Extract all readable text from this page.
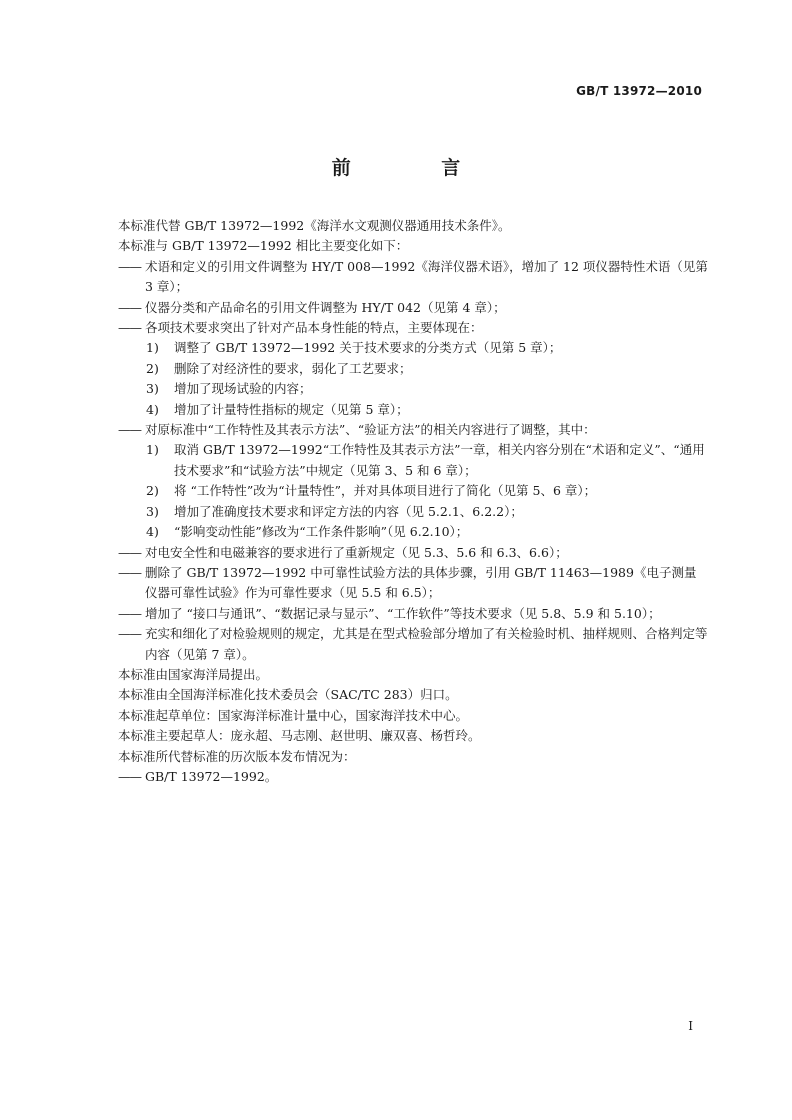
GB/T 13972—2010
前 言

本标准代替 GB/T 13972—1992《海洋水文观测仪器通用技术条件》。

本标准与 GB/T 13972—1992 相比主要变化如下：

—— 术语和定义的引用文件调整为 HY/T 008—1992《海洋仪器术语》，增加了 12 项仪器特性术语（见第 3 章）；

—— 仪器分类和产品命名的引用文件调整为 HY/T 042（见第 4 章）；

—— 各项技术要求突出了针对产品本身性能的特点，主要体现在：

1) 调整了 GB/T 13972—1992 关于技术要求的分类方式（见第 5 章）；

2) 删除了对经济性的要求，弱化了工艺要求；

3) 增加了现场试验的内容；

4) 增加了计量特性指标的规定（见第 5 章）；

—— 对原标准中“工作特性及其表示方法”、“验证方法”的相关内容进行了调整，其中：

1) 取消 GB/T 13972—1992“工作特性及其表示方法”一章，相关内容分别在“术语和定义”、“通用技术要求”和“试验方法”中规定（见第 3、5 和 6 章）；

2) 将 “工作特性”改为“计量特性”，并对具体项目进行了简化（见第 5、6 章）；

3) 增加了准确度技术要求和评定方法的内容（见 5.2.1、6.2.2）；

4) “影响变动性能”修改为“工作条件影响”（见 6.2.10）；

—— 对电安全性和电磁兼容的要求进行了重新规定（见 5.3、5.6 和 6.3、6.6）；

—— 删除了 GB/T 13972—1992 中可靠性试验方法的具体步骤，引用 GB/T 11463—1989《电子测量仪器可靠性试验》作为可靠性要求（见 5.5 和 6.5）；

—— 增加了 “接口与通讯”、“数据记录与显示”、“工作软件”等技术要求（见 5.8、5.9 和 5.10）；

—— 充实和细化了对检验规则的规定，尤其是在型式检验部分增加了有关检验时机、抽样规则、合格判定等内容（见第 7 章）。

本标准由国家海洋局提出。

本标准由全国海洋标准化技术委员会（SAC/TC 283）归口。

本标准起草单位：国家海洋标准计量中心，国家海洋技术中心。

本标准主要起草人：庞永超、马志刚、赵世明、廉双喜、杨哲玲。

本标准所代替标准的历次版本发布情况为：

—— GB/T 13972—1992。

I
